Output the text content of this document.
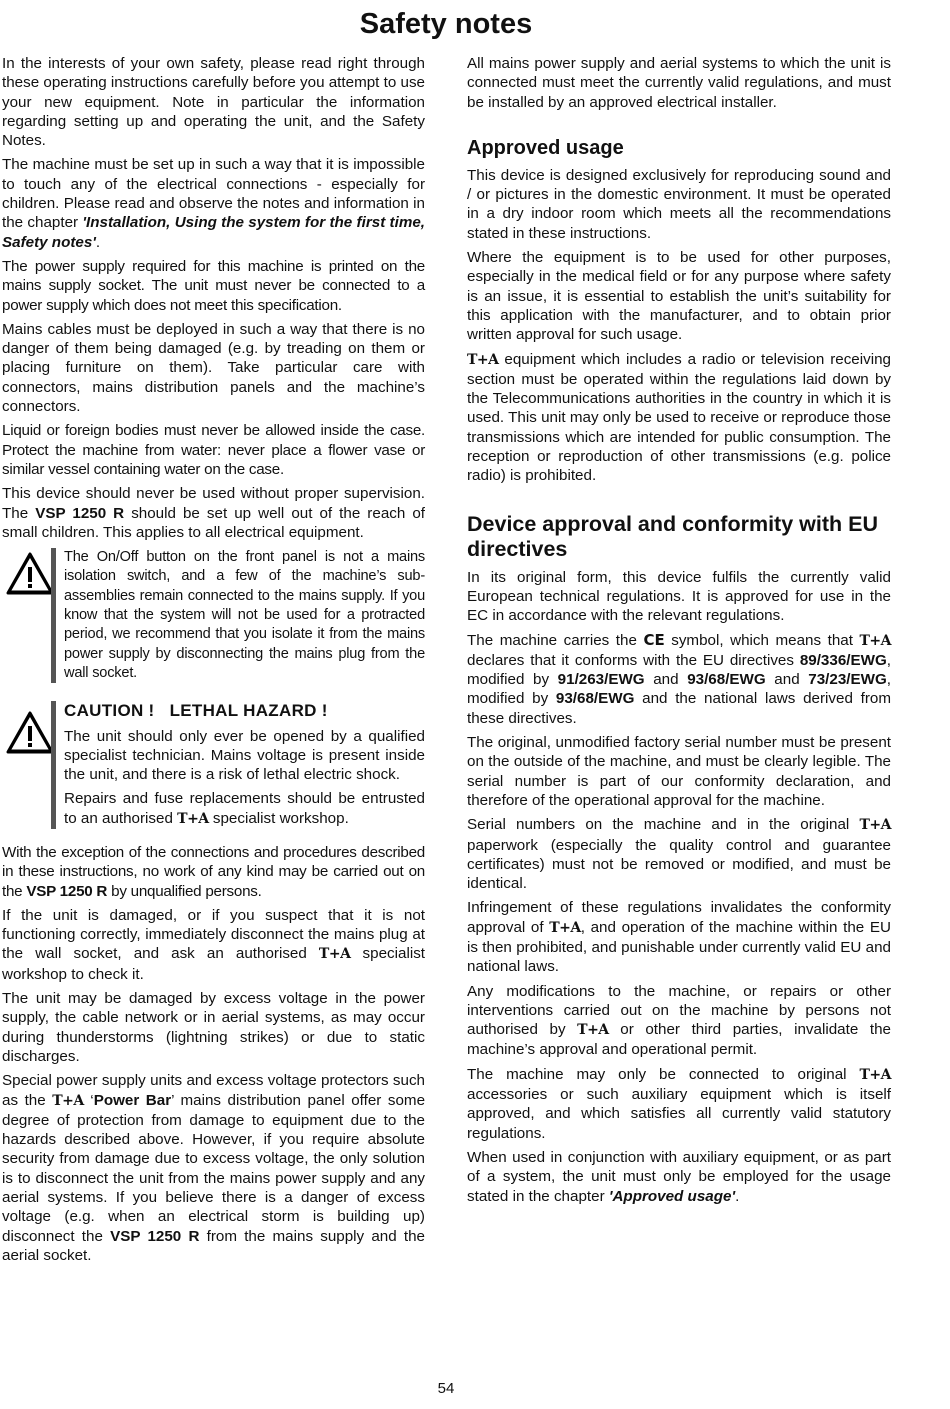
Safety notes

In the interests of your own safety, please read right through these operating instructions carefully before you attempt to use your new equipment. Note in particular the information regarding setting up and operating the unit, and the Safety Notes.

The machine must be set up in such a way that it is impossible to touch any of the electrical connections - especially for children. Please read and observe the notes and information in the chapter 'Installation, Using the system for the first time, Safety notes'.

The power supply required for this machine is printed on the mains supply socket. The unit must never be connected to a power supply which does not meet this specification.

Mains cables must be deployed in such a way that there is no danger of them being damaged (e.g. by treading on them or placing furniture on them). Take particular care with connectors, mains distribution panels and the machine’s connectors.

Liquid or foreign bodies must never be allowed inside the case. Protect the machine from water: never place a flower vase or similar vessel containing water on the case.

This device should never be used without proper supervision. The VSP 1250 R should be set up well out of the reach of small children. This applies to all electrical equipment.

The On/Off button on the front panel is not a mains isolation switch, and a few of the machine’s sub-assemblies remain connected to the mains supply. If you know that the system will not be used for a protracted period, we recommend that you isolate it from the mains power supply by disconnecting the mains plug from the wall socket.

CAUTION !   LETHAL HAZARD !

The unit should only ever be opened by a qualified specialist technician. Mains voltage is present inside the unit, and there is a risk of lethal electric shock.

Repairs and fuse replacements should be entrusted to an authorised T+A specialist workshop.

With the exception of the connections and procedures described in these instructions, no work of any kind may be carried out on the VSP 1250 R by unqualified persons.

If the unit is damaged, or if you suspect that it is not functioning correctly, immediately disconnect the mains plug at the wall socket, and ask an authorised T+A specialist workshop to check it.

The unit may be damaged by excess voltage in the power supply, the cable network or in aerial systems, as may occur during thunderstorms (lightning strikes) or due to static discharges.

Special power supply units and excess voltage protectors such as the T+A ‘Power Bar’ mains distribution panel offer some degree of protection from damage to equipment due to the hazards described above. However, if you require absolute security from damage due to excess voltage, the only solution is to disconnect the unit from the mains power supply and any aerial systems. If you believe there is a danger of excess voltage (e.g. when an electrical storm is building up) disconnect the VSP 1250 R from the mains supply and the aerial socket.

All mains power supply and aerial systems to which the unit is connected must meet the currently valid regulations, and must be installed by an approved electrical installer.

Approved usage

This device is designed exclusively for reproducing sound and / or pictures in the domestic environment. It must be operated in a dry indoor room which meets all the recommendations stated in these instructions.

Where the equipment is to be used for other purposes, especially in the medical field or for any purpose where safety is an issue, it is essential to establish the unit’s suitability for this application with the manufacturer, and to obtain prior written approval for such usage.

T+A equipment which includes a radio or television receiving section must be operated within the regulations laid down by the Telecommunications authorities in the country in which it is used. This unit may only be used to receive or reproduce those transmissions which are intended for public consumption. The reception or reproduction of other transmissions (e.g. police radio) is prohibited.

Device approval and conformity with EU directives

In its original form, this device fulfils the currently valid European technical regulations. It is approved for use in the EC in accordance with the relevant regulations.

The machine carries the CE symbol, which means that T+A declares that it conforms with the EU directives 89/336/EWG, modified by 91/263/EWG and 93/68/EWG and 73/23/EWG, modified by 93/68/EWG and the national laws derived from these directives.

The original, unmodified factory serial number must be present on the outside of the machine, and must be clearly legible. The serial number is part of our conformity declaration, and therefore of the operational approval for the machine.

Serial numbers on the machine and in the original T+A paperwork (especially the quality control and guarantee certificates) must not be removed or modified, and must be identical.

Infringement of these regulations invalidates the conformity approval of T+A, and operation of the machine within the EU is then prohibited, and punishable under currently valid EU and national laws.

Any modifications to the machine, or repairs or other interventions carried out on the machine by persons not authorised by T+A or other third parties, invalidate the machine’s approval and operational permit.

The machine may only be connected to original T+A accessories or such auxiliary equipment which is itself approved, and which satisfies all currently valid statutory regulations.

When used in conjunction with auxiliary equipment, or as part of a system, the unit must only be employed for the usage stated in the chapter 'Approved usage'.

54
